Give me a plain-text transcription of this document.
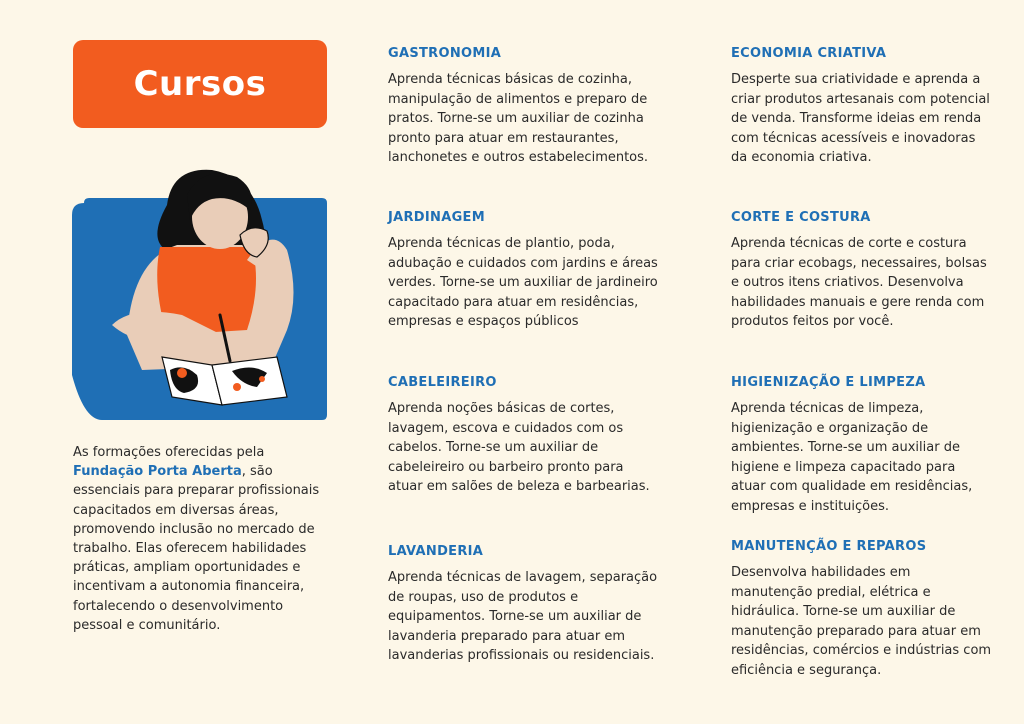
Cursos
As formações oferecidas pela Fundação Porta Aberta, são essenciais para preparar profissionais capacitados em diversas áreas, promovendo inclusão no mercado de trabalho. Elas oferecem habilidades práticas, ampliam oportunidades e incentivam a autonomia financeira, fortalecendo o desenvolvimento pessoal e comunitário.
GASTRONOMIA

Aprenda técnicas básicas de cozinha, manipulação de alimentos e preparo de pratos. Torne-se um auxiliar de cozinha pronto para atuar em restaurantes, lanchonetes e outros estabelecimentos.

JARDINAGEM

Aprenda técnicas de plantio, poda, adubação e cuidados com jardins e áreas verdes. Torne-se um auxiliar de jardineiro capacitado para atuar em residências, empresas e espaços públicos

CABELEIREIRO

Aprenda noções básicas de cortes, lavagem, escova e cuidados com os cabelos. Torne-se um auxiliar de cabeleireiro ou barbeiro pronto para atuar em salões de beleza e barbearias.

LAVANDERIA

Aprenda técnicas de lavagem, separação de roupas, uso de produtos e equipamentos. Torne-se um auxiliar de lavanderia preparado para atuar em lavanderias profissionais ou residenciais.

ECONOMIA CRIATIVA

Desperte sua criatividade e aprenda a criar produtos artesanais com potencial de venda. Transforme ideias em renda com técnicas acessíveis e inovadoras da economia criativa.

CORTE E COSTURA

Aprenda técnicas de corte e costura para criar ecobags, necessaires, bolsas e outros itens criativos. Desenvolva habilidades manuais e gere renda com produtos feitos por você.

HIGIENIZAÇÃO E LIMPEZA

Aprenda técnicas de limpeza, higienização e organização de ambientes. Torne-se um auxiliar de higiene e limpeza capacitado para atuar com qualidade em residências, empresas e instituições.

MANUTENÇÃO E REPAROS

Desenvolva habilidades em manutenção predial, elétrica e hidráulica. Torne-se um auxiliar de manutenção preparado para atuar em residências, comércios e indústrias com eficiência e segurança.
